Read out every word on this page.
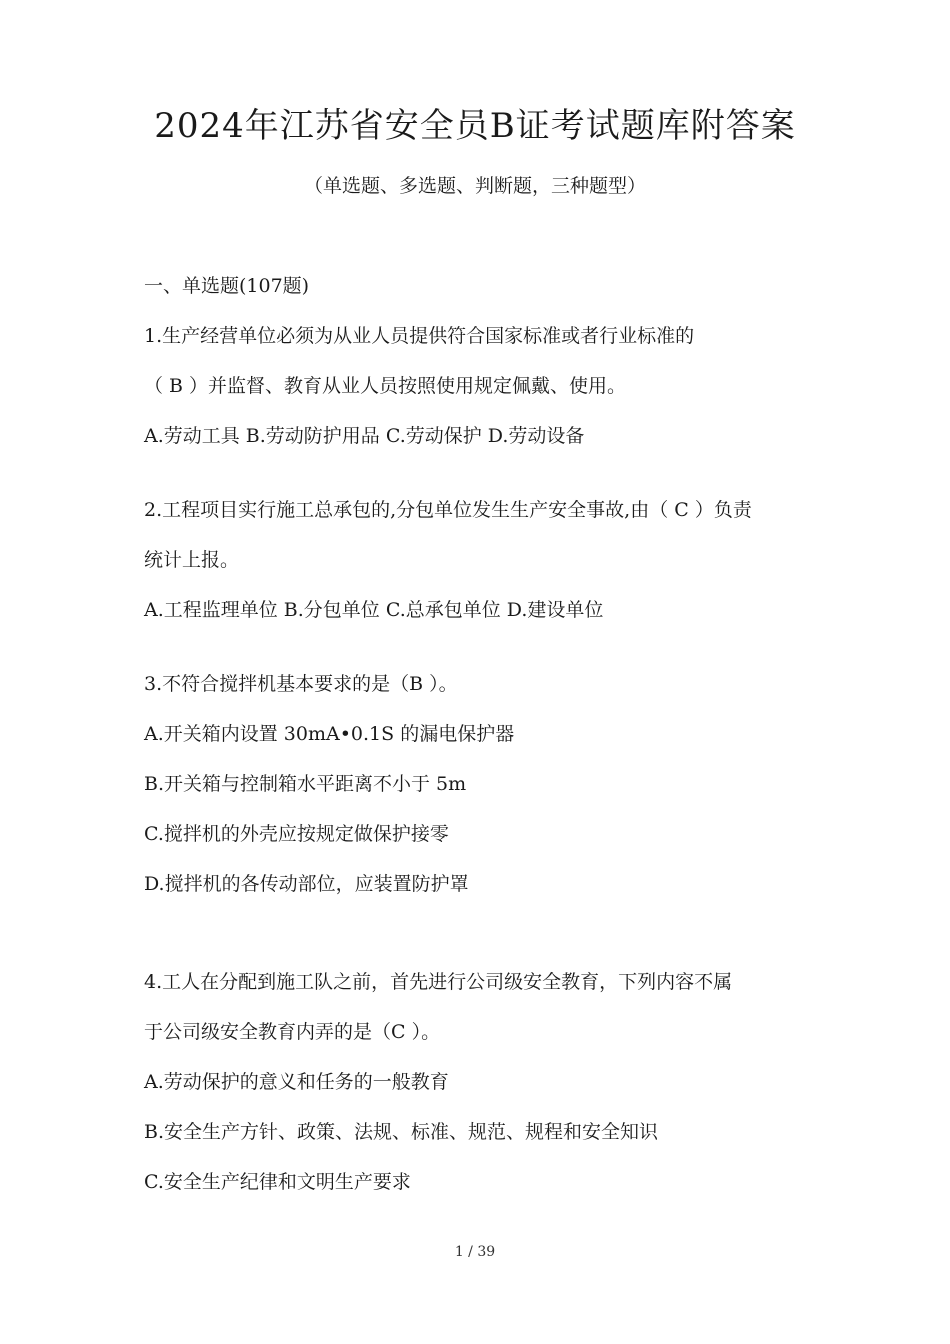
2024年江苏省安全员B证考试题库附答案
（单选题、多选题、判断题，三种题型）
一、单选题(107题)
1.生产经营单位必须为从业人员提供符合国家标准或者行业标准的
（ B ）并监督、教育从业人员按照使用规定佩戴、使用。
A.劳动工具 B.劳动防护用品 C.劳动保护 D.劳动设备
2.工程项目实行施工总承包的,分包单位发生生产安全事故,由（ C ）负责
统计上报。
A.工程监理单位 B.分包单位 C.总承包单位 D.建设单位
3.不符合搅拌机基本要求的是（B ）。
A.开关箱内设置 30mA•0.1S 的漏电保护器
B.开关箱与控制箱水平距离不小于 5m
C.搅拌机的外壳应按规定做保护接零
D.搅拌机的各传动部位，应装置防护罩
4.工人在分配到施工队之前，首先进行公司级安全教育，下列内容不属
于公司级安全教育内弄的是（C ）。
A.劳动保护的意义和任务的一般教育
B.安全生产方针、政策、法规、标准、规范、规程和安全知识
C.安全生产纪律和文明生产要求
1 / 39
